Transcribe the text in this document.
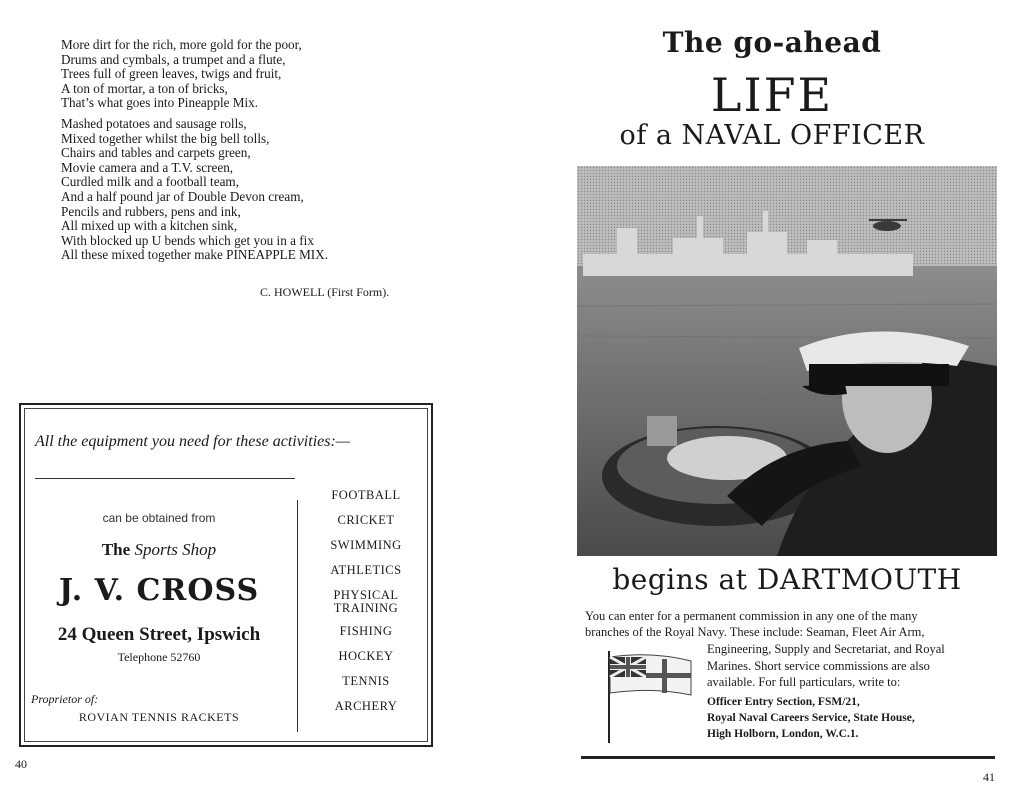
More dirt for the rich, more gold for the poor,
Drums and cymbals, a trumpet and a flute,
Trees full of green leaves, twigs and fruit,
A ton of mortar, a ton of bricks,
That’s what goes into Pineapple Mix.
Mashed potatoes and sausage rolls,
Mixed together whilst the big bell tolls,
Chairs and tables and carpets green,
Movie camera and a T.V. screen,
Curdled milk and a football team,
And a half pound jar of Double Devon cream,
Pencils and rubbers, pens and ink,
All mixed up with a kitchen sink,
With blocked up U bends which get you in a fix
All these mixed together make PINEAPPLE MIX.
C. HOWELL (First Form).
All the equipment you need for these activities:—
can be obtained from
The Sports Shop
J. V. CROSS
24 Queen Street, Ipswich
Telephone 52760
Proprietor of:
ROVIAN TENNIS RACKETS
FOOTBALL
CRICKET
SWIMMING
ATHLETICS
PHYSICAL TRAINING
FISHING
HOCKEY
TENNIS
ARCHERY
40
The go-ahead
LIFE
of a NAVAL OFFICER
begins at DARTMOUTH
You can enter for a permanent commission in any one of the many
branches of the Royal Navy. These include: Seaman, Fleet Air Arm,
Engineering, Supply and Secretariat, and Royal
Marines. Short service commissions are also
available. For full particulars, write to:
Officer Entry Section, FSM/21,
Royal Naval Careers Service, State House,
High Holborn, London, W.C.1.
41
